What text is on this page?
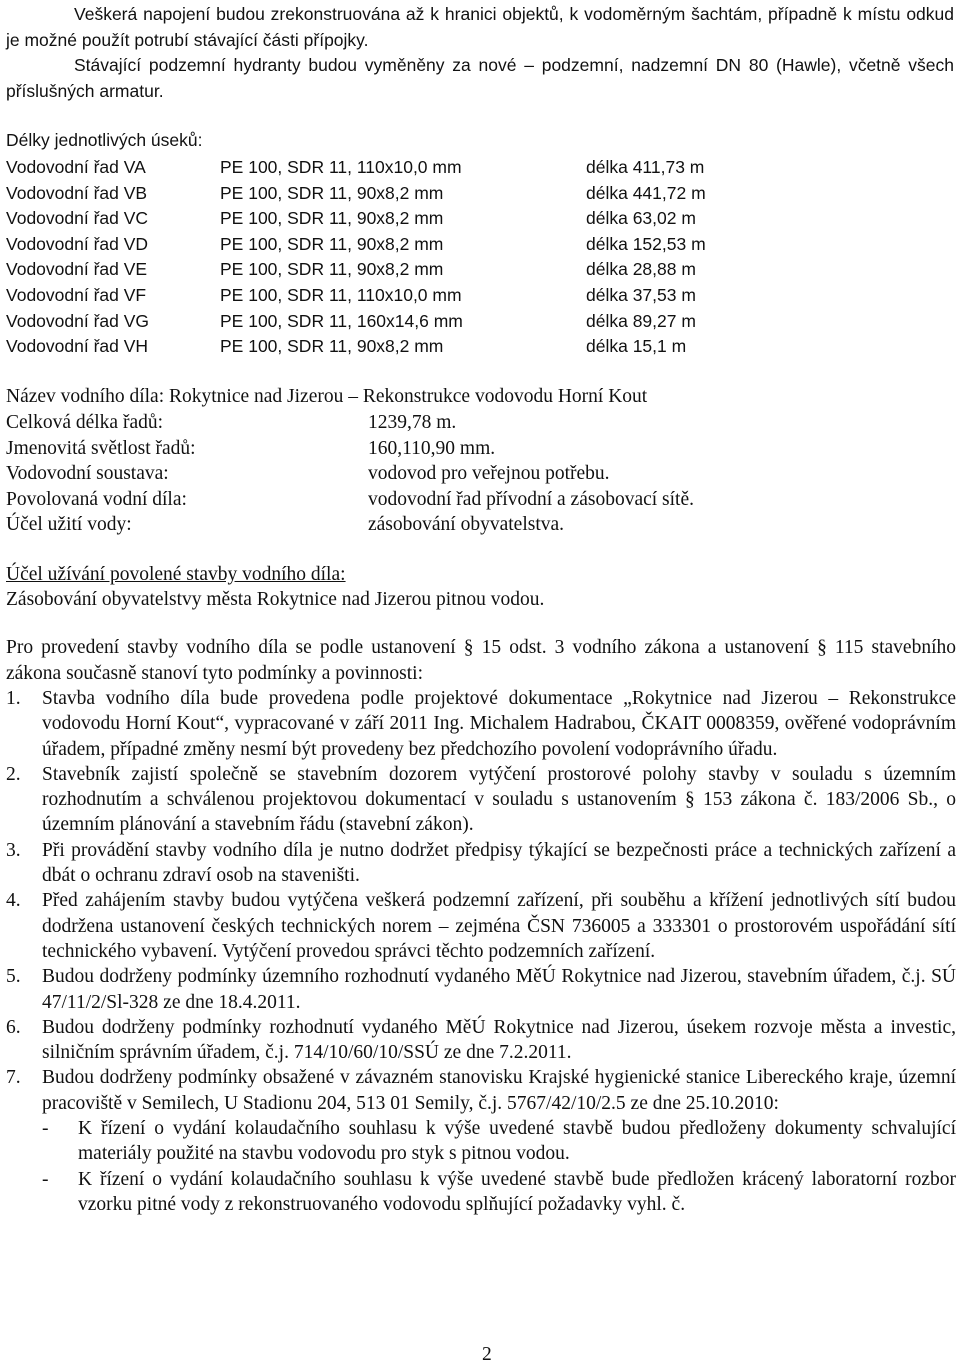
Veškerá napojení budou zrekonstruována až k hranici objektů, k vodoměrným šachtám, případně k místu odkud je možné použít potrubí stávající části přípojky.

Stávající podzemní hydranty budou vyměněny za nové – podzemní, nadzemní DN 80 (Hawle), včetně všech příslušných armatur.

Délky jednotlivých úseků:
Vodovodní řad VA	PE 100, SDR 11, 110x10,0 mm	délka 411,73 m
Vodovodní řad VB	PE 100, SDR 11, 90x8,2 mm	délka 441,72 m
Vodovodní řad VC	PE 100, SDR 11, 90x8,2 mm	délka 63,02 m
Vodovodní řad VD	PE 100, SDR 11, 90x8,2 mm	délka 152,53 m
Vodovodní řad VE	PE 100, SDR 11, 90x8,2 mm	délka 28,88 m
Vodovodní řad VF	PE 100, SDR 11, 110x10,0 mm	délka 37,53 m
Vodovodní řad VG	PE 100, SDR 11, 160x14,6 mm	délka 89,27 m
Vodovodní řad VH	PE 100, SDR 11, 90x8,2 mm	délka 15,1 m
Název vodního díla: Rokytnice nad Jizerou – Rekonstrukce vodovodu Horní Kout
Celková délka řadů:	1239,78 m.
Jmenovitá světlost řadů:	160,110,90 mm.
Vodovodní soustava:	vodovod pro veřejnou potřebu.
Povolovaná vodní díla:	vodovodní řad přívodní a zásobovací sítě.
Účel užití vody:	zásobování obyvatelstva.
Účel užívání povolené stavby vodního díla:
Zásobování obyvatelstvy města Rokytnice nad Jizerou pitnou vodou.

Pro provedení stavby vodního díla se podle ustanovení § 15 odst. 3 vodního zákona a ustanovení § 115 stavebního zákona současně stanoví tyto podmínky a povinnosti:

1. Stavba vodního díla bude provedena podle projektové dokumentace „Rokytnice nad Jizerou – Rekonstrukce vodovodu Horní Kout“, vypracované v září 2011 Ing. Michalem Hadrabou, ČKAIT 0008359, ověřené vodoprávním úřadem, případné změny nesmí být provedeny bez předchozího povolení vodoprávního úřadu.
2. Stavebník zajistí společně se stavebním dozorem vytýčení prostorové polohy stavby v souladu s územním rozhodnutím a schválenou projektovou dokumentací v souladu s ustanovením § 153 zákona č. 183/2006 Sb., o územním plánování a stavebním řádu (stavební zákon).
3. Při provádění stavby vodního díla je nutno dodržet předpisy týkající se bezpečnosti práce a technických zařízení a dbát o ochranu zdraví osob na staveništi.
4. Před zahájením stavby budou vytýčena veškerá podzemní zařízení, při souběhu a křížení jednotlivých sítí budou dodržena ustanovení českých technických norem – zejména ČSN 736005 a 333301 o prostorovém uspořádání sítí technického vybavení. Vytýčení provedou správci těchto podzemních zařízení.
5. Budou dodrženy podmínky územního rozhodnutí vydaného MěÚ Rokytnice nad Jizerou, stavebním úřadem, č.j. SÚ 47/11/2/Sl-328 ze dne 18.4.2011.
6. Budou dodrženy podmínky rozhodnutí vydaného MěÚ Rokytnice nad Jizerou, úsekem rozvoje města a investic, silničním správním úřadem, č.j. 714/10/60/10/SSÚ ze dne 7.2.2011.
7. Budou dodrženy podmínky obsažené v závazném stanovisku Krajské hygienické stanice Libereckého kraje, územní pracoviště v Semilech, U Stadionu 204, 513 01 Semily, č.j. 5767/42/10/2.5 ze dne 25.10.2010:
- K řízení o vydání kolaudačního souhlasu k výše uvedené stavbě budou předloženy dokumenty schvalující materiály použité na stavbu vodovodu pro styk s pitnou vodou.
- K řízení o vydání kolaudačního souhlasu k výše uvedené stavbě bude předložen krácený laboratorní rozbor vzorku pitné vody z rekonstruovaného vodovodu splňující požadavky vyhl. č.
2
